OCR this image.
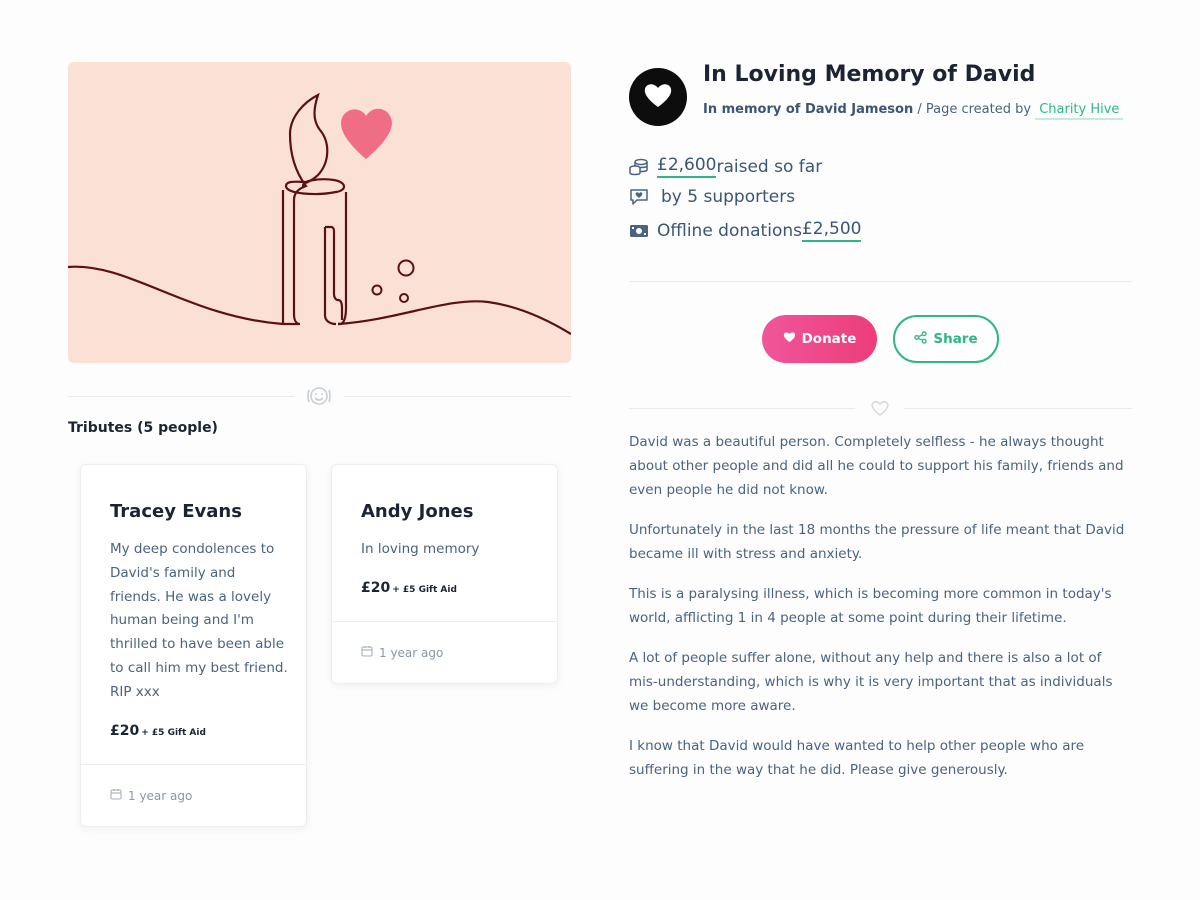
Tributes (5 people)
Tracey Evans
My deep condolences to David's family and friends. He was a lovely human being and I'm thrilled to have been able to call him my best friend. RIP xxx
£20 + £5 Gift Aid
1 year ago
Andy Jones
In loving memory
£20 + £5 Gift Aid
1 year ago
In Loving Memory of David
In memory of David Jameson / Page created by Charity Hive
£2,600 raised so far
by 5 supporters
Offline donations £2,500
Donate	Share

David was a beautiful person. Completely selfless - he always thought about other people and did all he could to support his family, friends and even people he did not know.

Unfortunately in the last 18 months the pressure of life meant that David became ill with stress and anxiety.

This is a paralysing illness, which is becoming more common in today's world, afflicting 1 in 4 people at some point during their lifetime.

A lot of people suffer alone, without any help and there is also a lot of mis-understanding, which is why it is very important that as individuals we become more aware.

I know that David would have wanted to help other people who are suffering in the way that he did. Please give generously.
